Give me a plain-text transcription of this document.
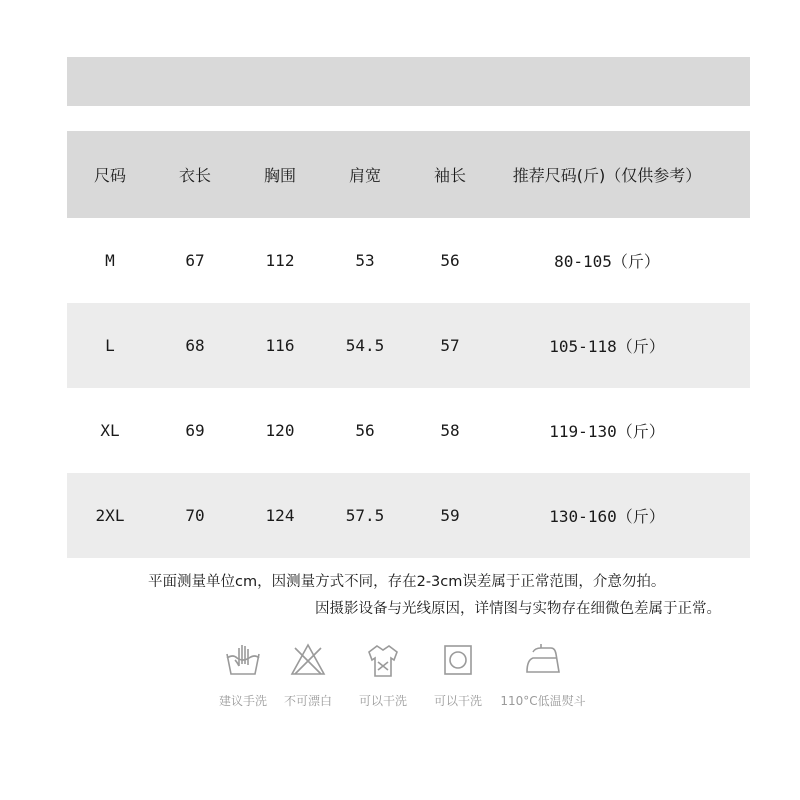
尺码	衣长	胸围	肩宽	袖长	推荐尺码(斤)（仅供参考）
M	67	112	53	56	80-105（斤）
L	68	116	54.5	57	105-118（斤）
XL	69	120	56	58	119-130（斤）
2XL	70	124	57.5	59	130-160（斤）
平面测量单位cm，因测量方式不同，存在2-3cm误差属于正常范围，介意勿拍。
因摄影设备与光线原因，详情图与实物存在细微色差属于正常。
建议手洗 不可漂白 可以干洗 可以干洗 110°C低温熨斗
